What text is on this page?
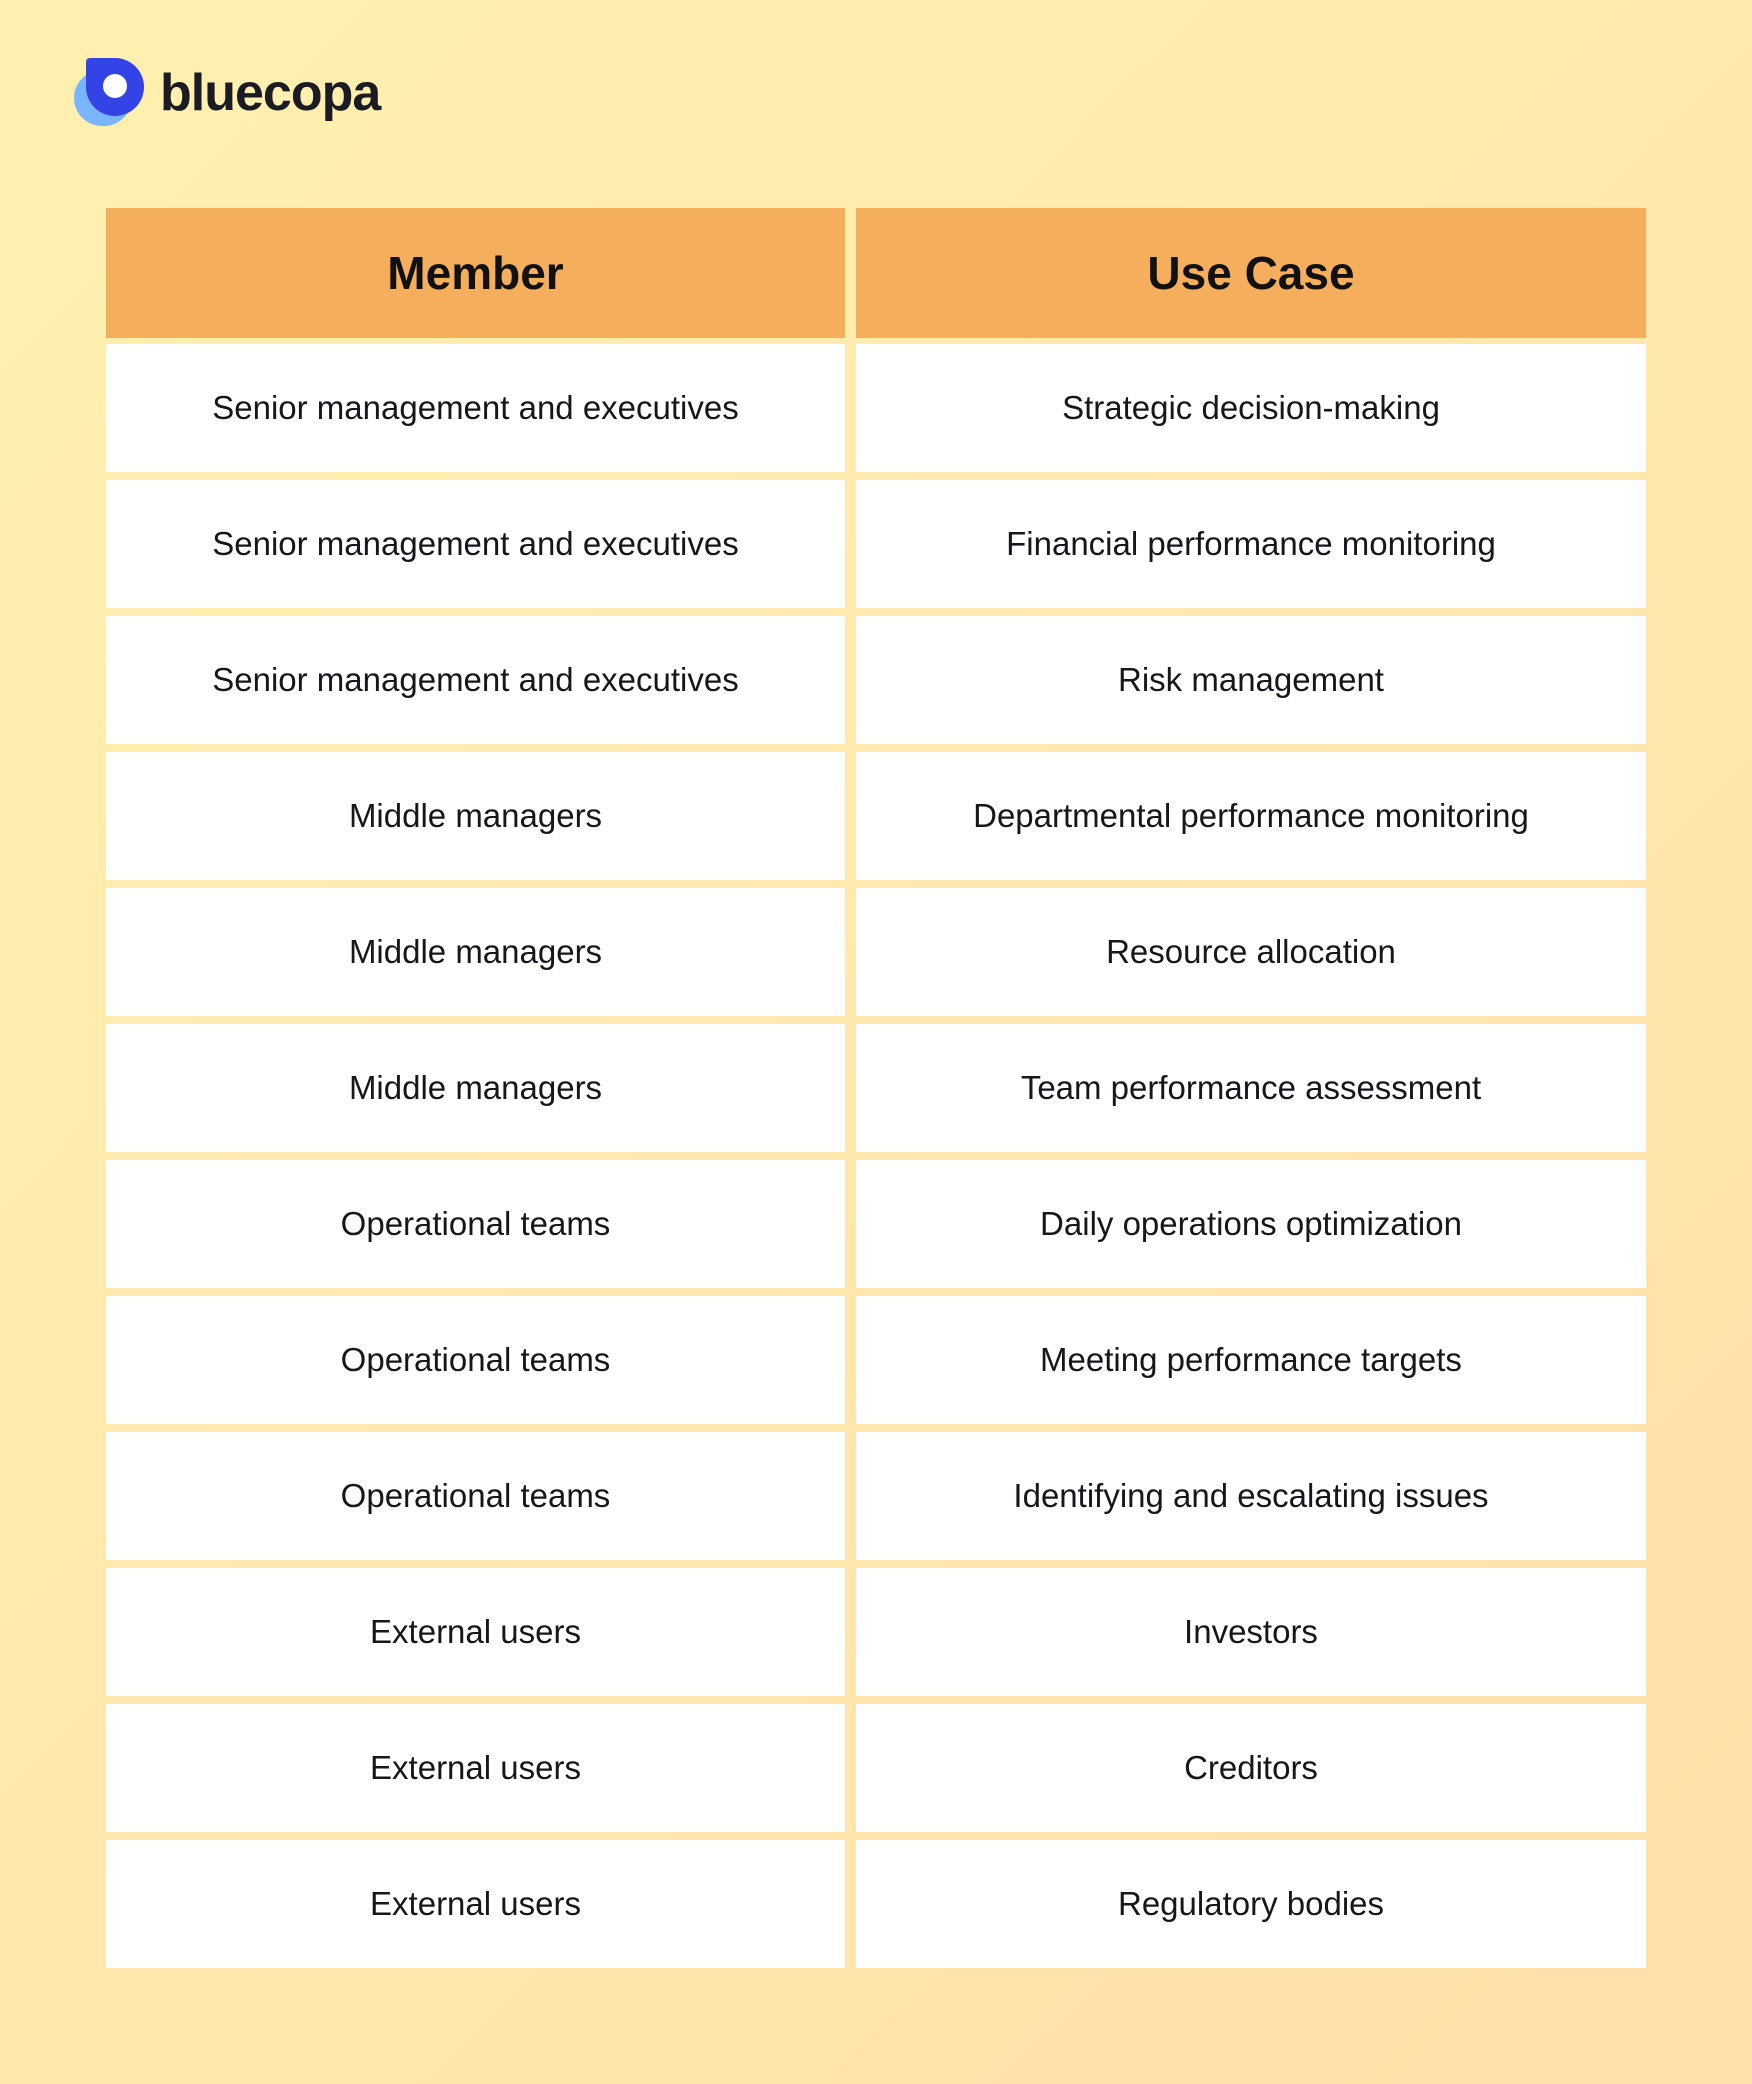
bluecopa
Member	Use Case
Senior management and executives	Strategic decision-making
Senior management and executives	Financial performance monitoring
Senior management and executives	Risk management
Middle managers	Departmental performance monitoring
Middle managers	Resource allocation
Middle managers	Team performance assessment
Operational teams	Daily operations optimization
Operational teams	Meeting performance targets
Operational teams	Identifying and escalating issues
External users	Investors
External users	Creditors
External users	Regulatory bodies
